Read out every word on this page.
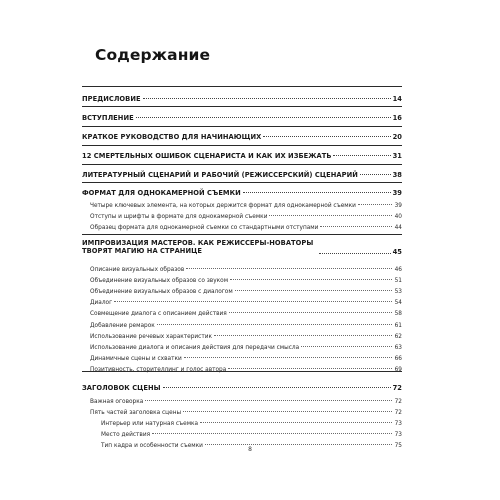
Содержание
ПРЕДИСЛОВИЕ	14
ВСТУПЛЕНИЕ	16
КРАТКОЕ РУКОВОДСТВО ДЛЯ НАЧИНАЮЩИХ	20
12 СМЕРТЕЛЬНЫХ ОШИБОК СЦЕНАРИСТА И КАК ИХ ИЗБЕЖАТЬ	31
ЛИТЕРАТУРНЫЙ СЦЕНАРИЙ И РАБОЧИЙ (РЕЖИССЕРСКИЙ) СЦЕНАРИЙ	38
ФОРМАТ ДЛЯ ОДНОКАМЕРНОЙ СЪЕМКИ	39
Четыре ключевых элемента, на которых держится формат для однокамерной съемки	39
Отступы и шрифты в формате для однокамерной съемки	40
Образец формата для однокамерной съемки со стандартными отступами	44
ИМПРОВИЗАЦИЯ МАСТЕРОВ. КАК РЕЖИССЕРЫ-НОВАТОРЫ ТВОРЯТ МАГИЮ НА СТРАНИЦЕ	45
Описание визуальных образов	46
Объединение визуальных образов со звуком	51
Объединение визуальных образов с диалогом	53
Диалог	54
Совмещение диалога с описанием действия	58
Добавление ремарок	61
Использование речевых характеристик	62
Использование диалога и описания действия для передачи смысла	63
Динамичные сцены и схватки	66
Позитивность, сторителлинг и голос автора	69
ЗАГОЛОВОК СЦЕНЫ	72
Важная оговорка	72
Пять частей заголовка сцены	72
Интерьер или натурная съемка	73
Место действия	73
Тип кадра и особенности съемки	75
8
